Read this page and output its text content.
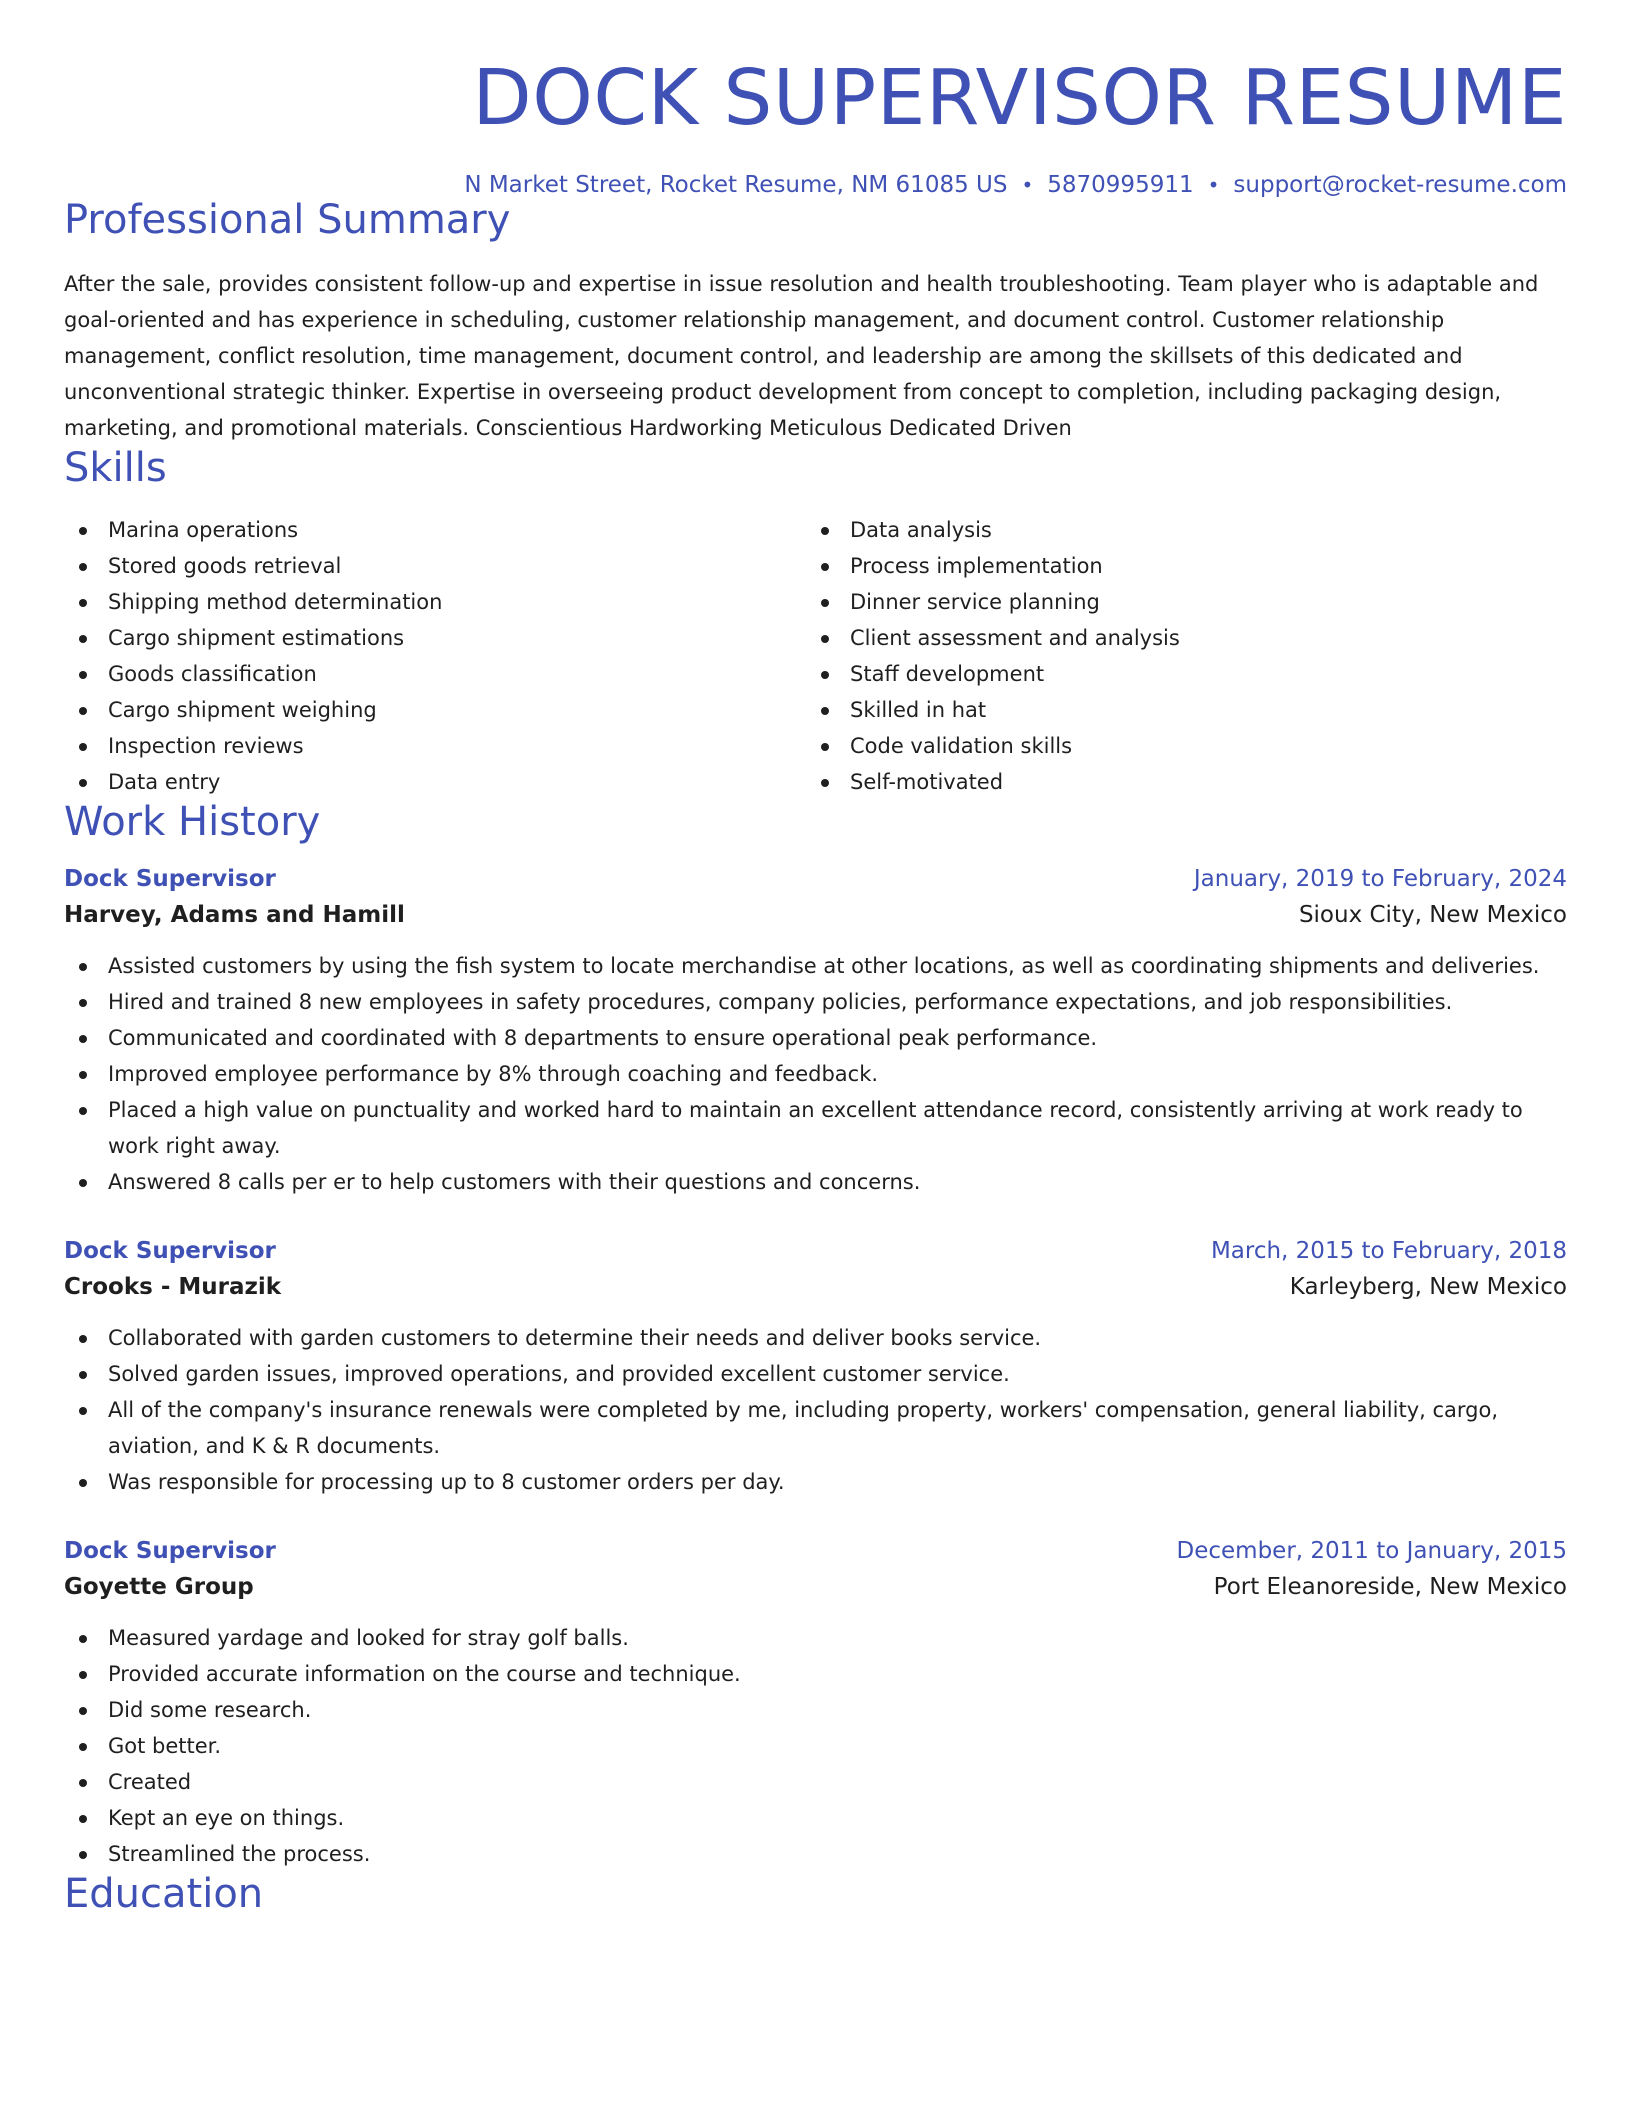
DOCK SUPERVISOR RESUME
N Market Street, Rocket Resume, NM 61085 US • 5870995911 • support@rocket-resume.com
Professional Summary

After the sale, provides consistent follow-up and expertise in issue resolution and health troubleshooting. Team player who is adaptable and goal-oriented and has experience in scheduling, customer relationship management, and document control. Customer relationship management, conflict resolution, time management, document control, and leadership are among the skillsets of this dedicated and unconventional strategic thinker. Expertise in overseeing product development from concept to completion, including packaging design, marketing, and promotional materials. Conscientious Hardworking Meticulous Dedicated Driven

Skills
Marina operations
Stored goods retrieval
Shipping method determination
Cargo shipment estimations
Goods classification
Cargo shipment weighing
Inspection reviews
Data entry
Data analysis
Process implementation
Dinner service planning
Client assessment and analysis
Staff development
Skilled in hat
Code validation skills
Self-motivated
Work History
Dock Supervisor	January, 2019 to February, 2024
Harvey, Adams and Hamill	Sioux City, New Mexico
Assisted customers by using the fish system to locate merchandise at other locations, as well as coordinating shipments and deliveries.
Hired and trained 8 new employees in safety procedures, company policies, performance expectations, and job responsibilities.
Communicated and coordinated with 8 departments to ensure operational peak performance.
Improved employee performance by 8% through coaching and feedback.
Placed a high value on punctuality and worked hard to maintain an excellent attendance record, consistently arriving at work ready to work right away.
Answered 8 calls per er to help customers with their questions and concerns.
Dock Supervisor	March, 2015 to February, 2018
Crooks - Murazik	Karleyberg, New Mexico
Collaborated with garden customers to determine their needs and deliver books service.
Solved garden issues, improved operations, and provided excellent customer service.
All of the company's insurance renewals were completed by me, including property, workers' compensation, general liability, cargo, aviation, and K & R documents.
Was responsible for processing up to 8 customer orders per day.
Dock Supervisor	December, 2011 to January, 2015
Goyette Group	Port Eleanoreside, New Mexico
Measured yardage and looked for stray golf balls.
Provided accurate information on the course and technique.
Did some research.
Got better.
Created
Kept an eye on things.
Streamlined the process.
Education
